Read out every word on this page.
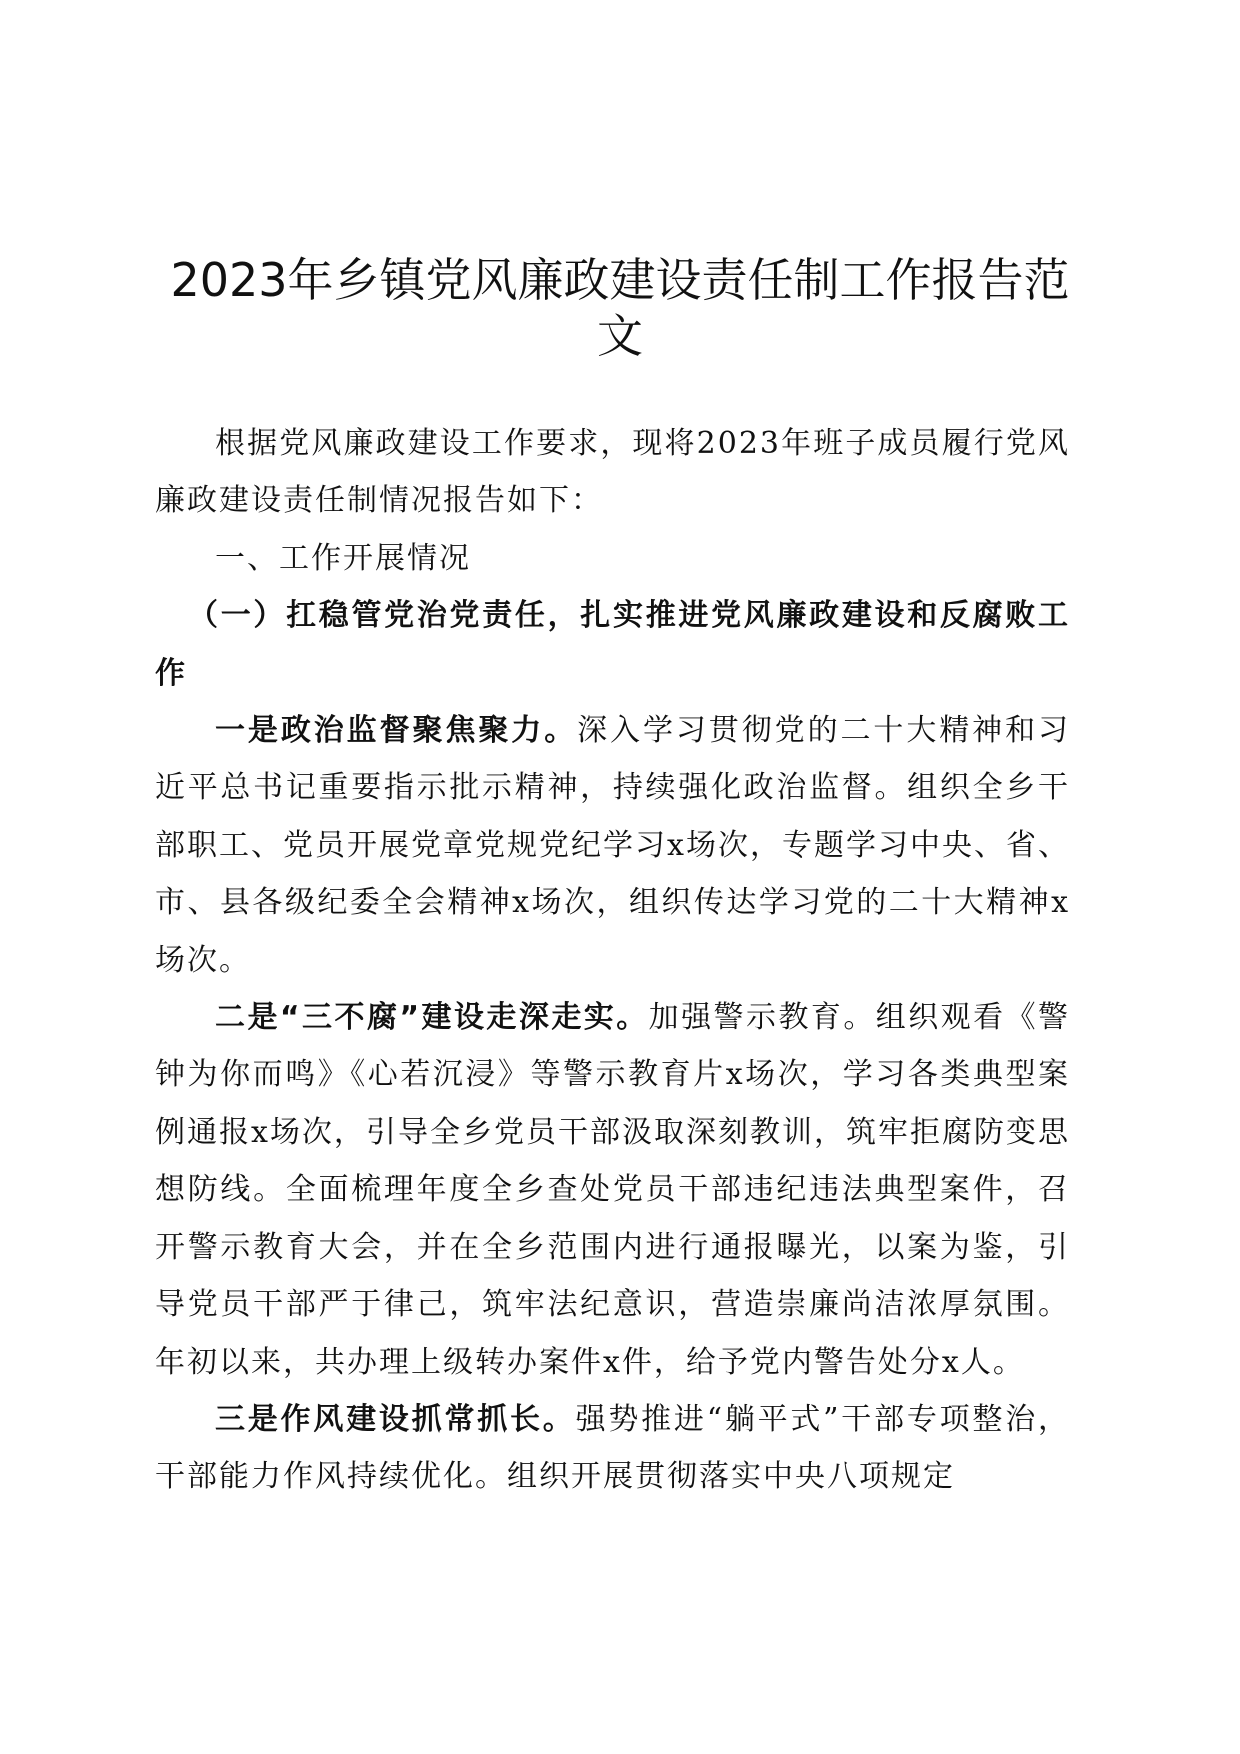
2023年乡镇党风廉政建设责任制工作报告范文

根据党风廉政建设工作要求，现将2023年班子成员履行党风廉政建设责任制情况报告如下：

一、工作开展情况

（一）扛稳管党治党责任，扎实推进党风廉政建设和反腐败工作

一是政治监督聚焦聚力。深入学习贯彻党的二十大精神和习近平总书记重要指示批示精神，持续强化政治监督。组织全乡干部职工、党员开展党章党规党纪学习x场次，专题学习中央、省、市、县各级纪委全会精神x场次，组织传达学习党的二十大精神x场次。

二是“三不腐”建设走深走实。加强警示教育。组织观看《警钟为你而鸣》《心若沉浸》等警示教育片x场次，学习各类典型案例通报x场次，引导全乡党员干部汲取深刻教训，筑牢拒腐防变思想防线。全面梳理年度全乡查处党员干部违纪违法典型案件，召开警示教育大会，并在全乡范围内进行通报曝光，以案为鉴，引导党员干部严于律己，筑牢法纪意识，营造崇廉尚洁浓厚氛围。年初以来，共办理上级转办案件x件，给予党内警告处分x人。

三是作风建设抓常抓长。强势推进“躺平式”干部专项整治，干部能力作风持续优化。组织开展贯彻落实中央八项规定
